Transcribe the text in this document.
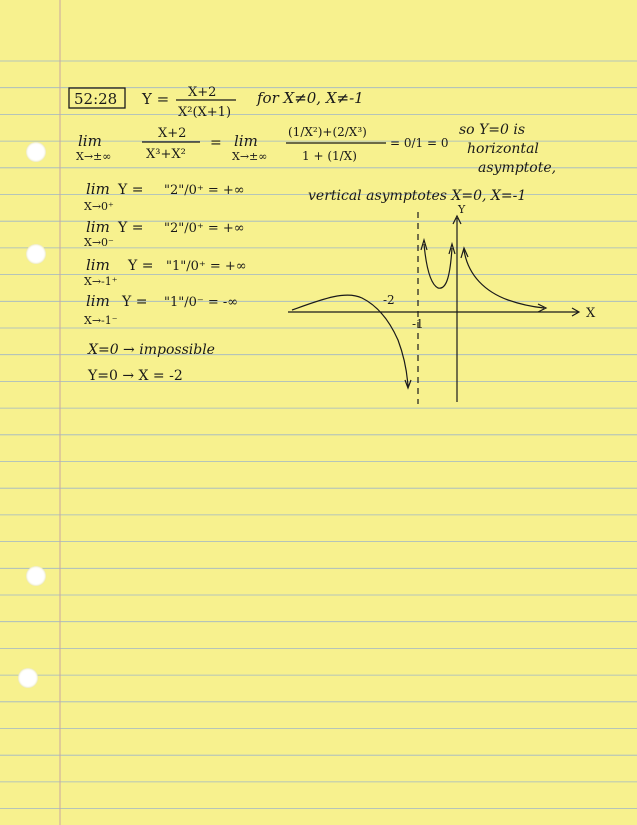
52:28 Y = X+2
X²(X+1)
for X≠0, X≠-1
lim
X→±∞
X+2
X³+X²
= lim
X→±∞
(1/X²)+(2/X³)
1 + (1/X)
= 0/1 = 0
so Y=0 is
horizontal
asymptote,
vertical asymptotes X=0, X=-1
lim Y =
X→0⁺
"2"/0⁺ = +∞
lim Y =
X→0⁻
"2"/0⁺ = +∞
lim Y =
X→-1⁺
"1"/0⁺ = +∞
lim Y =
X→-1⁻
"1"/0⁻ = -∞
X=0 → impossible
Y=0 → X = -2
-2
-1
X
Y
